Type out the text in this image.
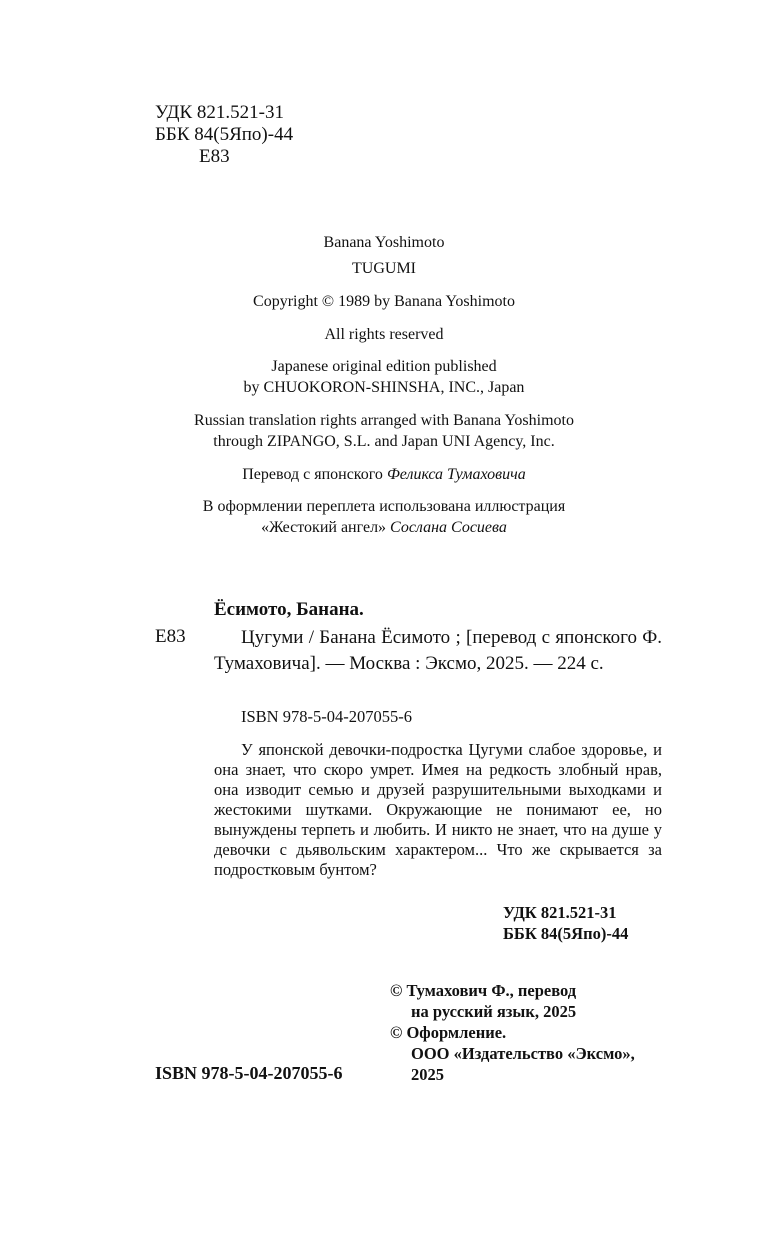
УДК 821.521-31
ББК 84(5Япо)-44
Е83
Banana Yoshimoto
TUGUMI
Copyright © 1989 by Banana Yoshimoto
All rights reserved
Japanese original edition published
by CHUOKORON-SHINSHA, INC., Japan
Russian translation rights arranged with Banana Yoshimoto
through ZIPANGO, S.L. and Japan UNI Agency, Inc.
Перевод с японского Феликса Тумаховича
В оформлении переплета использована иллюстрация
«Жестокий ангел» Сослана Сосиева
Ёсимото, Банана.
Е83	Цугуми / Банана Ёсимото ; [перевод с японского Ф. Тумаховича]. — Москва : Эксмо, 2025. — 224 с.
ISBN 978-5-04-207055-6

У японской девочки-подростка Цугуми слабое здоровье, и она знает, что скоро умрет. Имея на редкость злобный нрав, она изводит семью и друзей разрушительными выходками и жестокими шутками. Окружающие не понимают ее, но вынуждены терпеть и любить. И никто не знает, что на душе у девочки с дьявольским характером... Что же скрывается за подростковым бунтом?

УДК 821.521-31
ББК 84(5Япо)-44
© Тумахович Ф., перевод
на русский язык, 2025
© Оформление.
ООО «Издательство «Эксмо»,
2025
ISBN 978-5-04-207055-6
